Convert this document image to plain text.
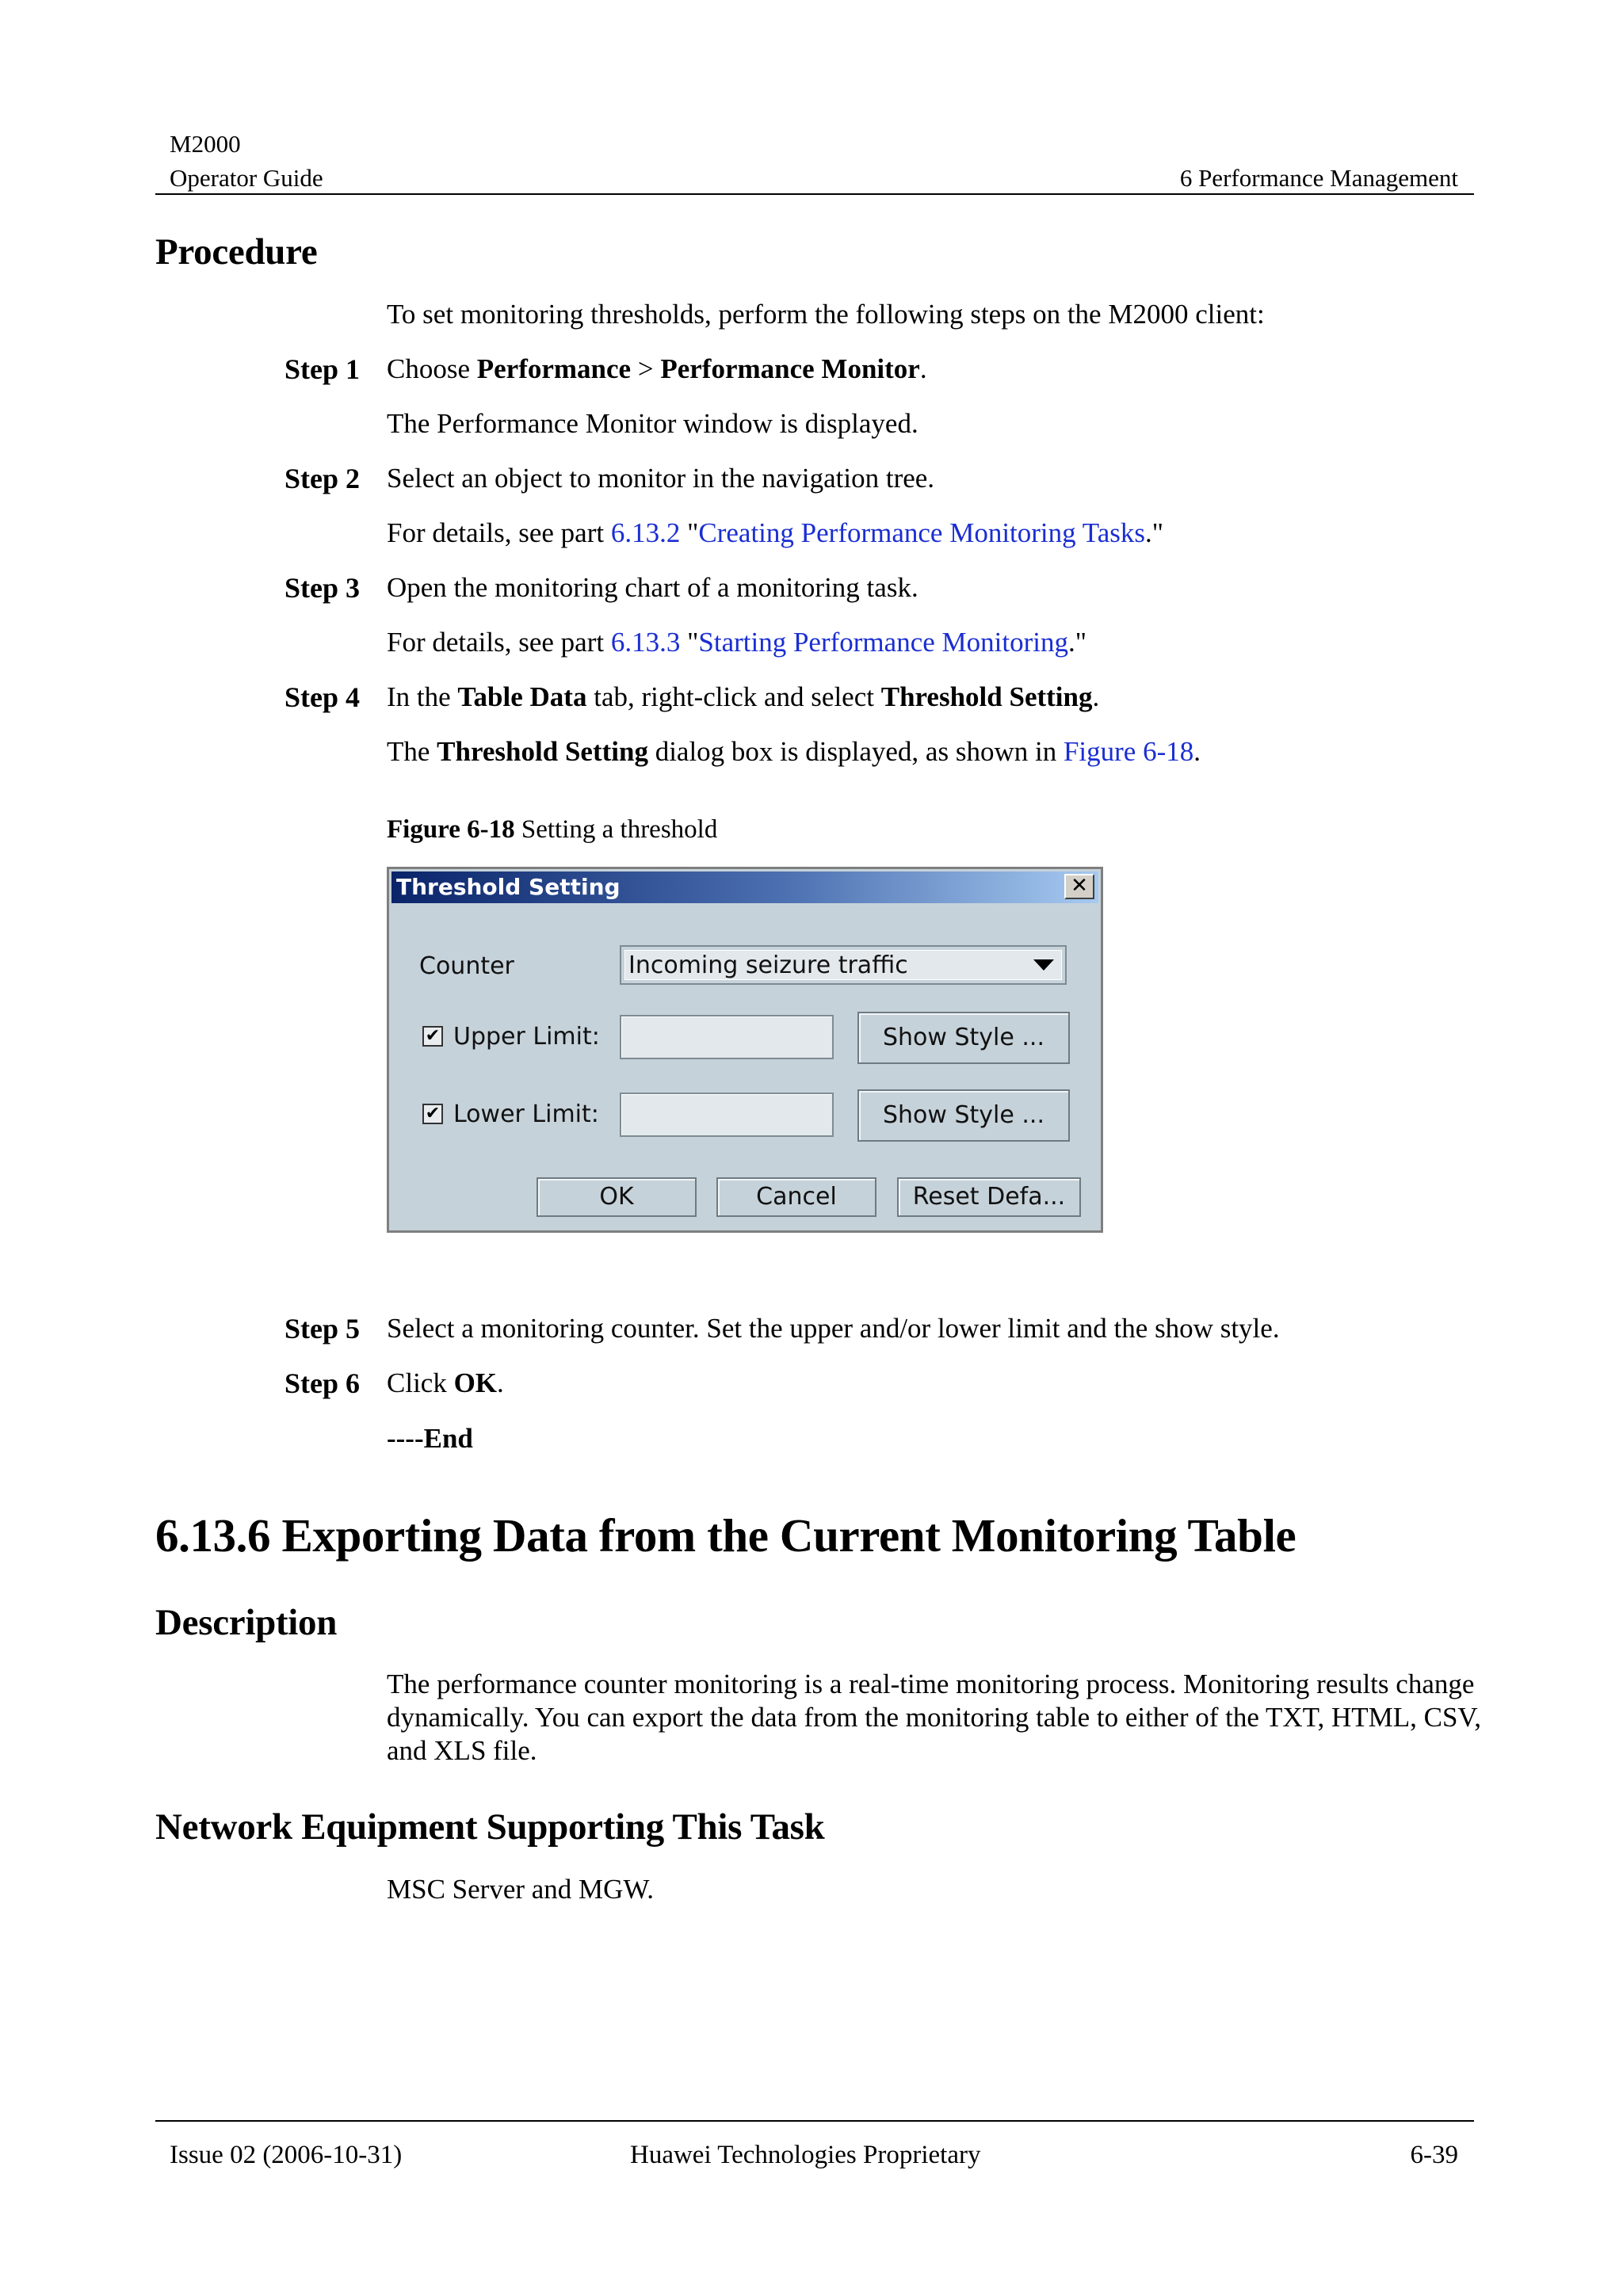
M2000
Operator Guide	6 Performance Management
Procedure
To set monitoring thresholds, perform the following steps on the M2000 client:
Step 1 Choose Performance > Performance Monitor.
The Performance Monitor window is displayed.
Step 2 Select an object to monitor in the navigation tree.
For details, see part 6.13.2 "Creating Performance Monitoring Tasks."
Step 3 Open the monitoring chart of a monitoring task.
For details, see part 6.13.3 "Starting Performance Monitoring."
Step 4 In the Table Data tab, right-click and select Threshold Setting.
The Threshold Setting dialog box is displayed, as shown in Figure 6-18.
Figure 6-18 Setting a threshold
Threshold Setting	✕
Counter	Incoming seizure traffic
✔ Upper Limit:	Show Style ...
✔ Lower Limit:	Show Style ...
OK	Cancel	Reset Defa...
Step 5 Select a monitoring counter. Set the upper and/or lower limit and the show style.
Step 6 Click OK.
----End
6.13.6 Exporting Data from the Current Monitoring Table
Description
The performance counter monitoring is a real-time monitoring process. Monitoring results change dynamically. You can export the data from the monitoring table to either of the TXT, HTML, CSV, and XLS file.
Network Equipment Supporting This Task
MSC Server and MGW.
Issue 02 (2006-10-31)	Huawei Technologies Proprietary	6-39
